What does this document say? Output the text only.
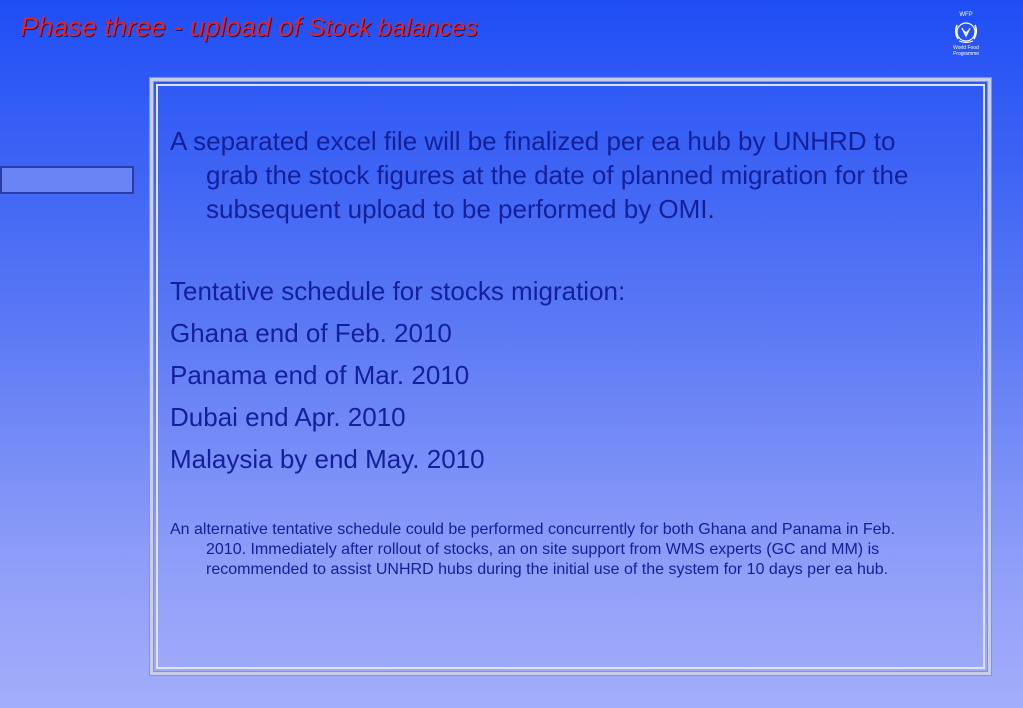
Phase three - upload of Stock balances	WFP
World Food
Programme

A separated excel file will be finalized per ea hub by UNHRD to grab the stock figures at the date of planned migration for the subsequent upload to be performed by OMI.

Tentative schedule for stocks migration:

Ghana end of Feb. 2010

Panama end of Mar. 2010

Dubai end Apr. 2010

Malaysia by end May. 2010

An alternative tentative schedule could be performed concurrently for both Ghana and Panama in Feb. 2010. Immediately after rollout of stocks, an on site support from WMS experts (GC and MM) is recommended to assist UNHRD hubs during the initial use of the system for 10 days per ea hub.
